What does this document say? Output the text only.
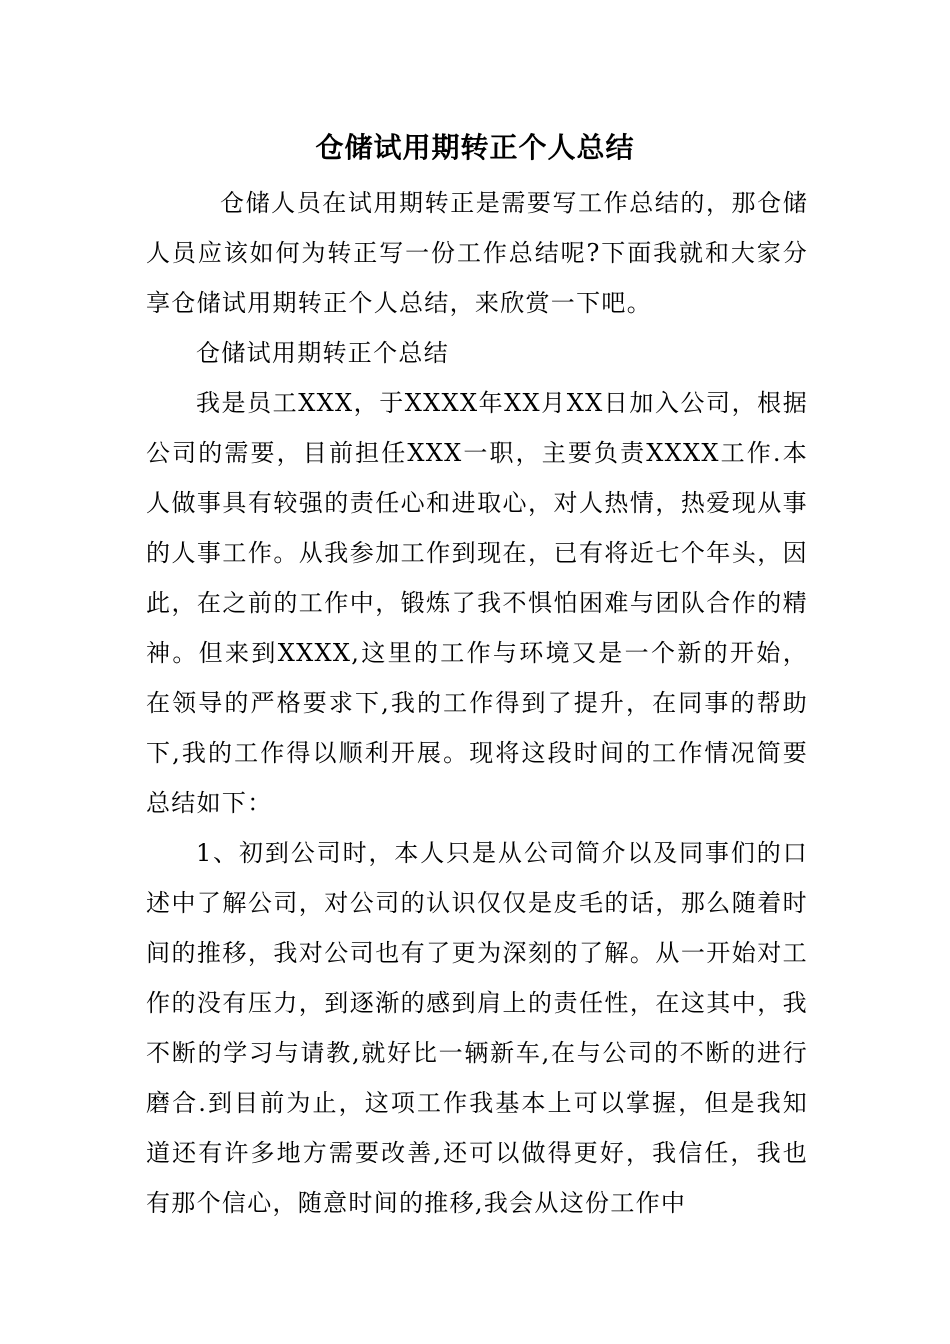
仓储试用期转正个人总结

仓储人员在试用期转正是需要写工作总结的，那仓储人员应该如何为转正写一份工作总结呢?下面我就和大家分享仓储试用期转正个人总结，来欣赏一下吧。

仓储试用期转正个总结

我是员工XXX，于XXXX年XX月XX日加入公司，根据公司的需要，目前担任XXX一职，主要负责XXXX工作.本人做事具有较强的责任心和进取心，对人热情，热爱现从事的人事工作。从我参加工作到现在，已有将近七个年头，因此，在之前的工作中，锻炼了我不惧怕困难与团队合作的精神。但来到XXXX,这里的工作与环境又是一个新的开始，在领导的严格要求下,我的工作得到了提升，在同事的帮助下,我的工作得以顺利开展。现将这段时间的工作情况简要总结如下：

1、初到公司时，本人只是从公司简介以及同事们的口述中了解公司，对公司的认识仅仅是皮毛的话，那么随着时间的推移，我对公司也有了更为深刻的了解。从一开始对工作的没有压力，到逐渐的感到肩上的责任性，在这其中，我不断的学习与请教,就好比一辆新车,在与公司的不断的进行磨合.到目前为止，这项工作我基本上可以掌握，但是我知道还有许多地方需要改善,还可以做得更好，我信任，我也有那个信心，随意时间的推移,我会从这份工作中
